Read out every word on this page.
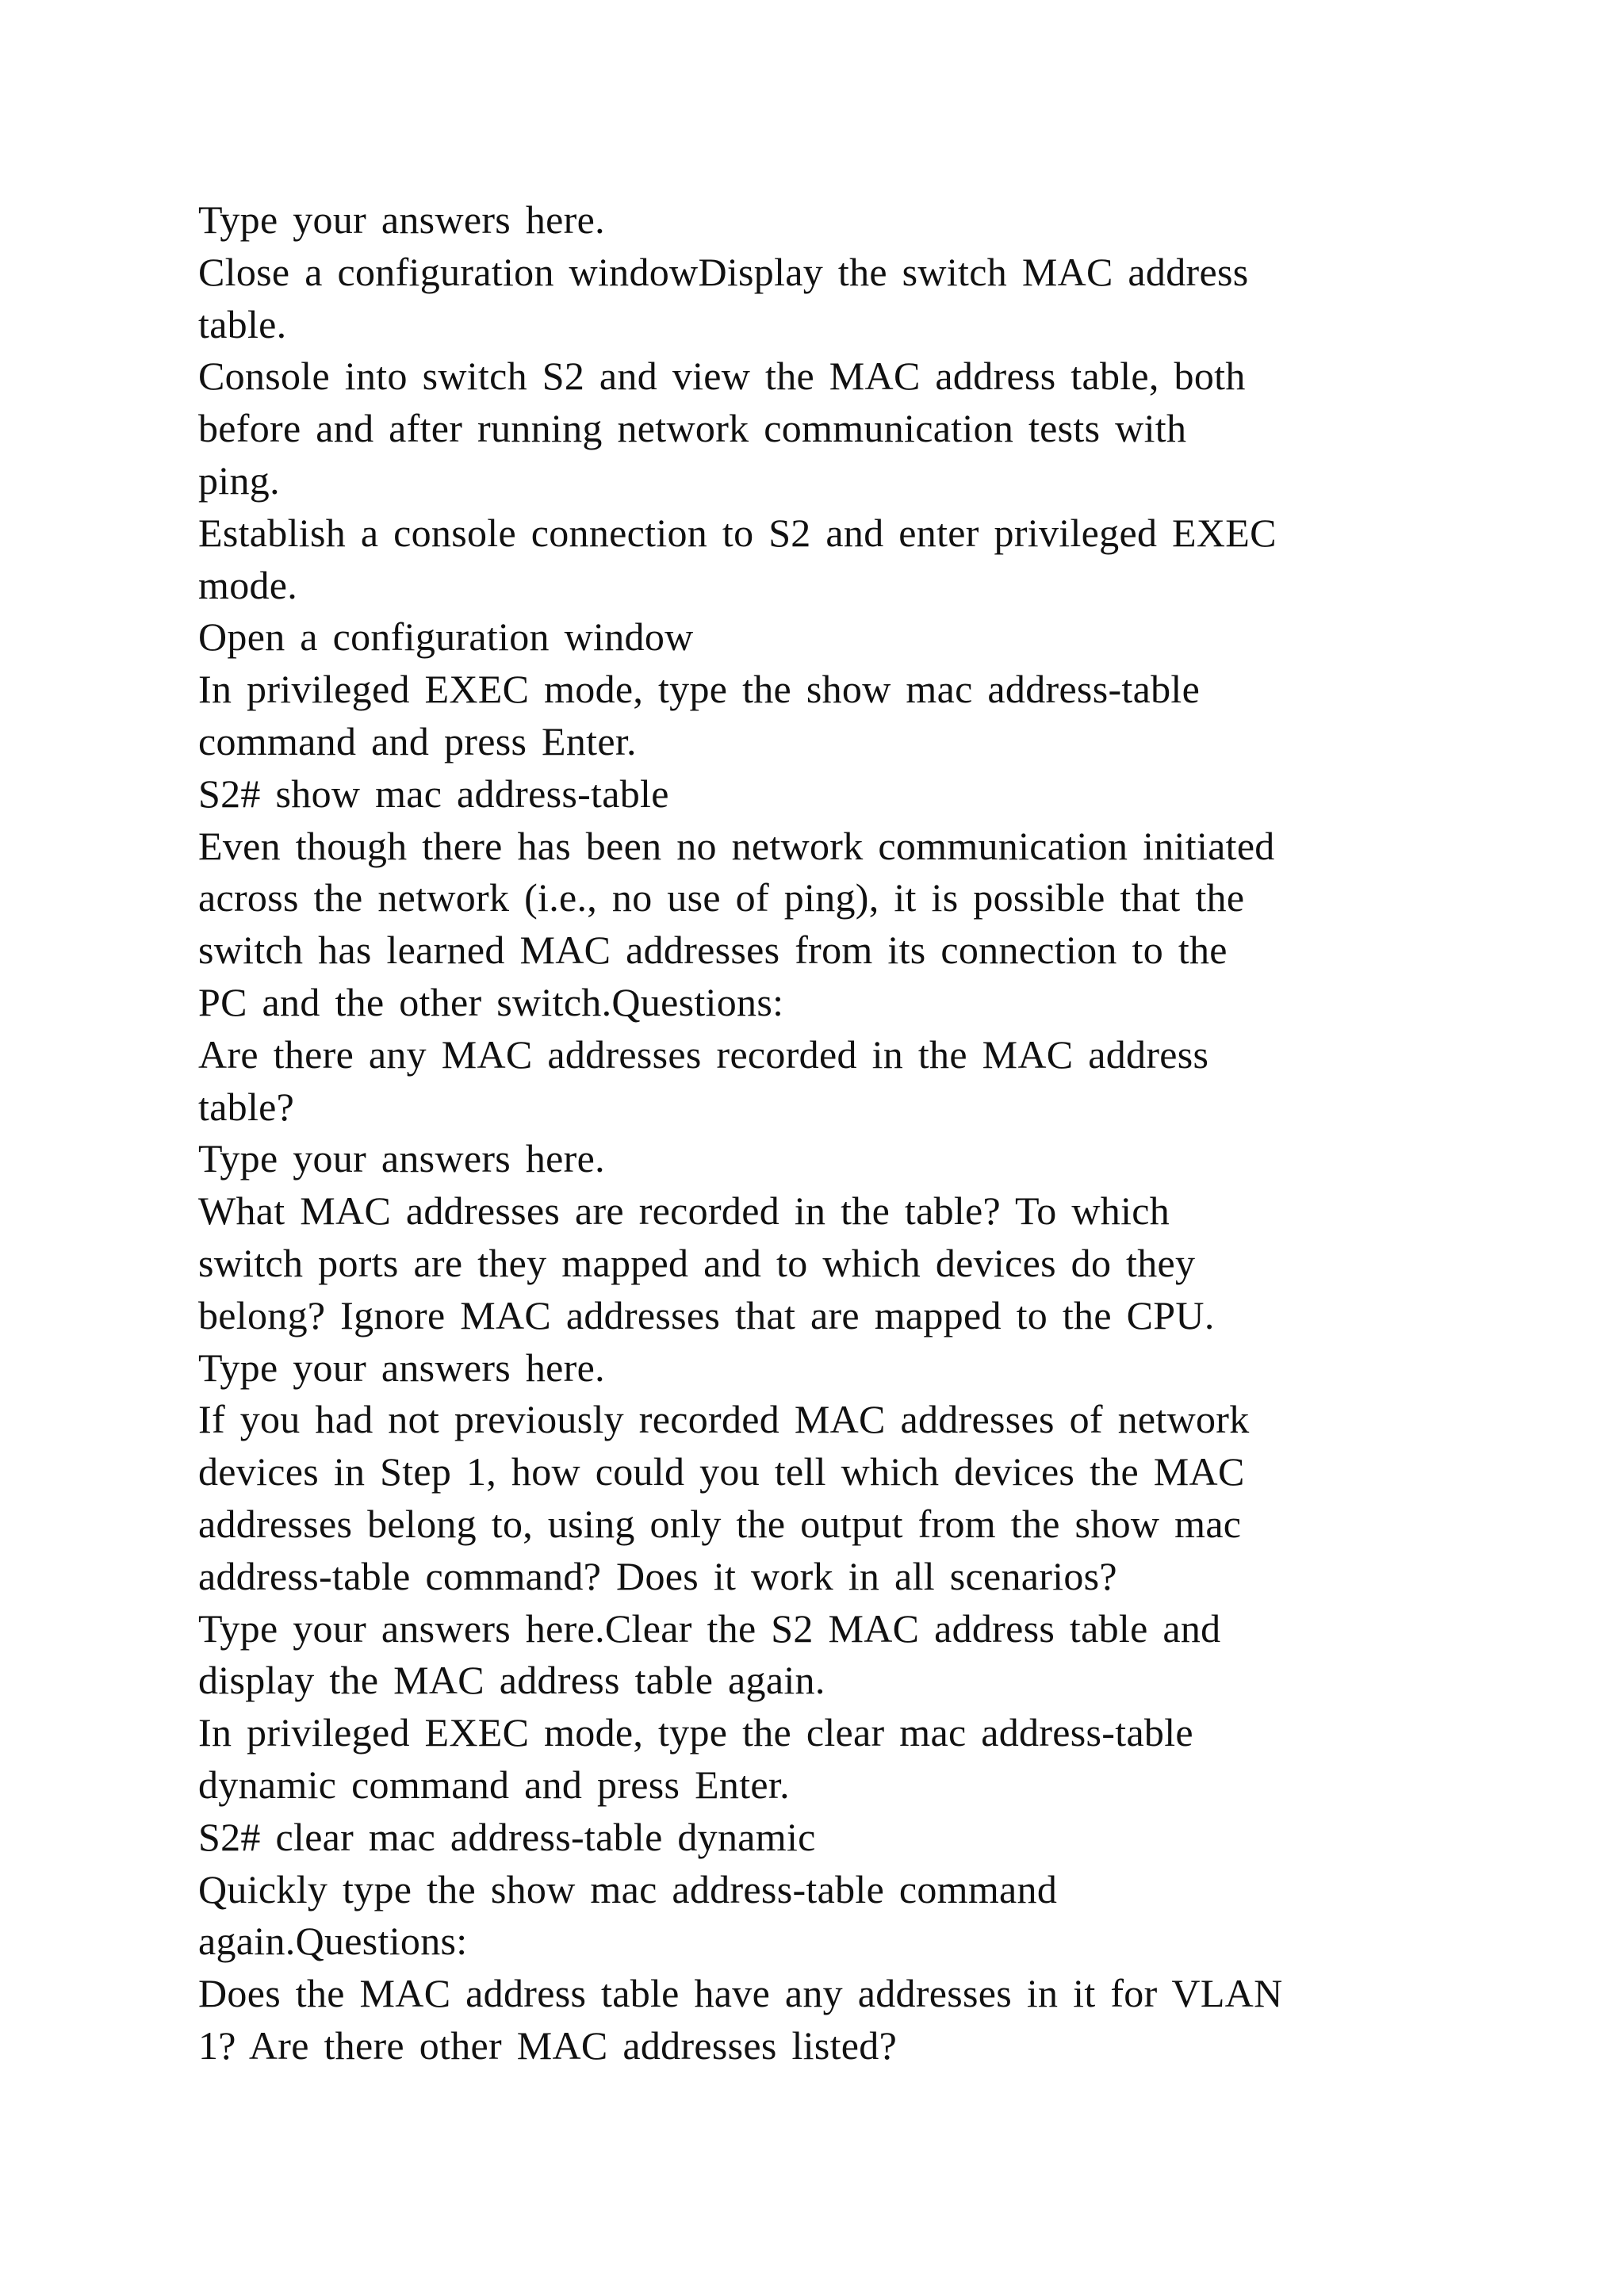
Type your answers here.
Close a configuration windowDisplay the switch MAC address
table.
Console into switch S2 and view the MAC address table, both
before and after running network communication tests with
ping.
Establish a console connection to S2 and enter privileged EXEC
mode.
Open a configuration window
In privileged EXEC mode, type the show mac address-table
command and press Enter.
S2# show mac address-table
Even though there has been no network communication initiated
across the network (i.e., no use of ping), it is possible that the
switch has learned MAC addresses from its connection to the
PC and the other switch.Questions:
Are there any MAC addresses recorded in the MAC address
table?
Type your answers here.
What MAC addresses are recorded in the table? To which
switch ports are they mapped and to which devices do they
belong? Ignore MAC addresses that are mapped to the CPU.
Type your answers here.
If you had not previously recorded MAC addresses of network
devices in Step 1, how could you tell which devices the MAC
addresses belong to, using only the output from the show mac
address-table command? Does it work in all scenarios?
Type your answers here.Clear the S2 MAC address table and
display the MAC address table again.
In privileged EXEC mode, type the clear mac address-table
dynamic command and press Enter.
S2# clear mac address-table dynamic
Quickly type the show mac address-table command
again.Questions:
Does the MAC address table have any addresses in it for VLAN
1? Are there other MAC addresses listed?
